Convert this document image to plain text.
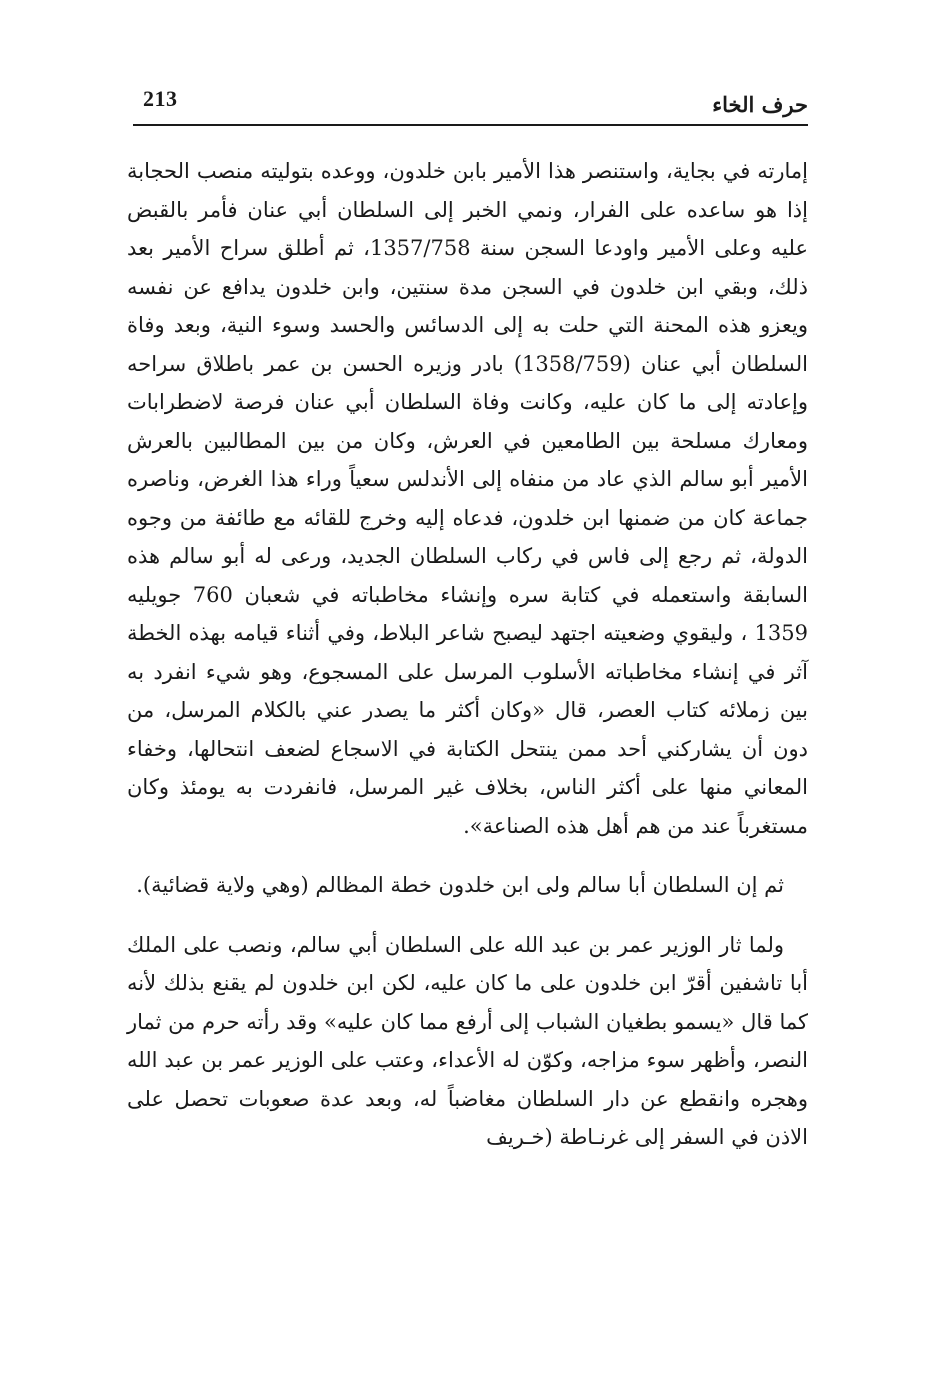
213	حرف الخاء

إمارته في بجاية، واستنصر هذا الأمير بابن خلدون، ووعده بتوليته منصب الحجابة إذا هو ساعده على الفرار، ونمي الخبر إلى السلطان أبي عنان فأمر بالقبض عليه وعلى الأمير واودعا السجن سنة 1357/758، ثم أطلق سراح الأمير بعد ذلك، وبقي ابن خلدون في السجن مدة سنتين، وابن خلدون يدافع عن نفسه ويعزو هذه المحنة التي حلت به إلى الدسائس والحسد وسوء النية، وبعد وفاة السلطان أبي عنان (1358/759) بادر وزيره الحسن بن عمر باطلاق سراحه وإعادته إلى ما كان عليه، وكانت وفاة السلطان أبي عنان فرصة لاضطرابات ومعارك مسلحة بين الطامعين في العرش، وكان من بين المطالبين بالعرش الأمير أبو سالم الذي عاد من منفاه إلى الأندلس سعياً وراء هذا الغرض، وناصره جماعة كان من ضمنها ابن خلدون، فدعاه إليه وخرج للقائه مع طائفة من وجوه الدولة، ثم رجع إلى فاس في ركاب السلطان الجديد، ورعى له أبو سالم هذه السابقة واستعمله في كتابة سره وإنشاء مخاطباته في شعبان 760 جويليه 1359 ، وليقوي وضعيته اجتهد ليصبح شاعر البلاط، وفي أثناء قيامه بهذه الخطة آثر في إنشاء مخاطباته الأسلوب المرسل على المسجوع، وهو شيء انفرد به بين زملائه كتاب العصر، قال «وكان أكثر ما يصدر عني بالكلام المرسل، من دون أن يشاركني أحد ممن ينتحل الكتابة في الاسجاع لضعف انتحالها، وخفاء المعاني منها على أكثر الناس، بخلاف غير المرسل، فانفردت به يومئذ وكان مستغرباً عند من هم أهل هذه الصناعة».

ثم إن السلطان أبا سالم ولى ابن خلدون خطة المظالم (وهي ولاية قضائية).

ولما ثار الوزير عمر بن عبد الله على السلطان أبي سالم، ونصب على الملك أبا تاشفين أقرّ ابن خلدون على ما كان عليه، لكن ابن خلدون لم يقنع بذلك لأنه كما قال «يسمو بطغيان الشباب إلى أرفع مما كان عليه» وقد رأته حرم من ثمار النصر، وأظهر سوء مزاجه، وكوّن له الأعداء، وعتب على الوزير عمر بن عبد الله وهجره وانقطع عن دار السلطان مغاضباً له، وبعد عدة صعوبات تحصل على الاذن في السفر إلى غرنـاطة (خـريف
